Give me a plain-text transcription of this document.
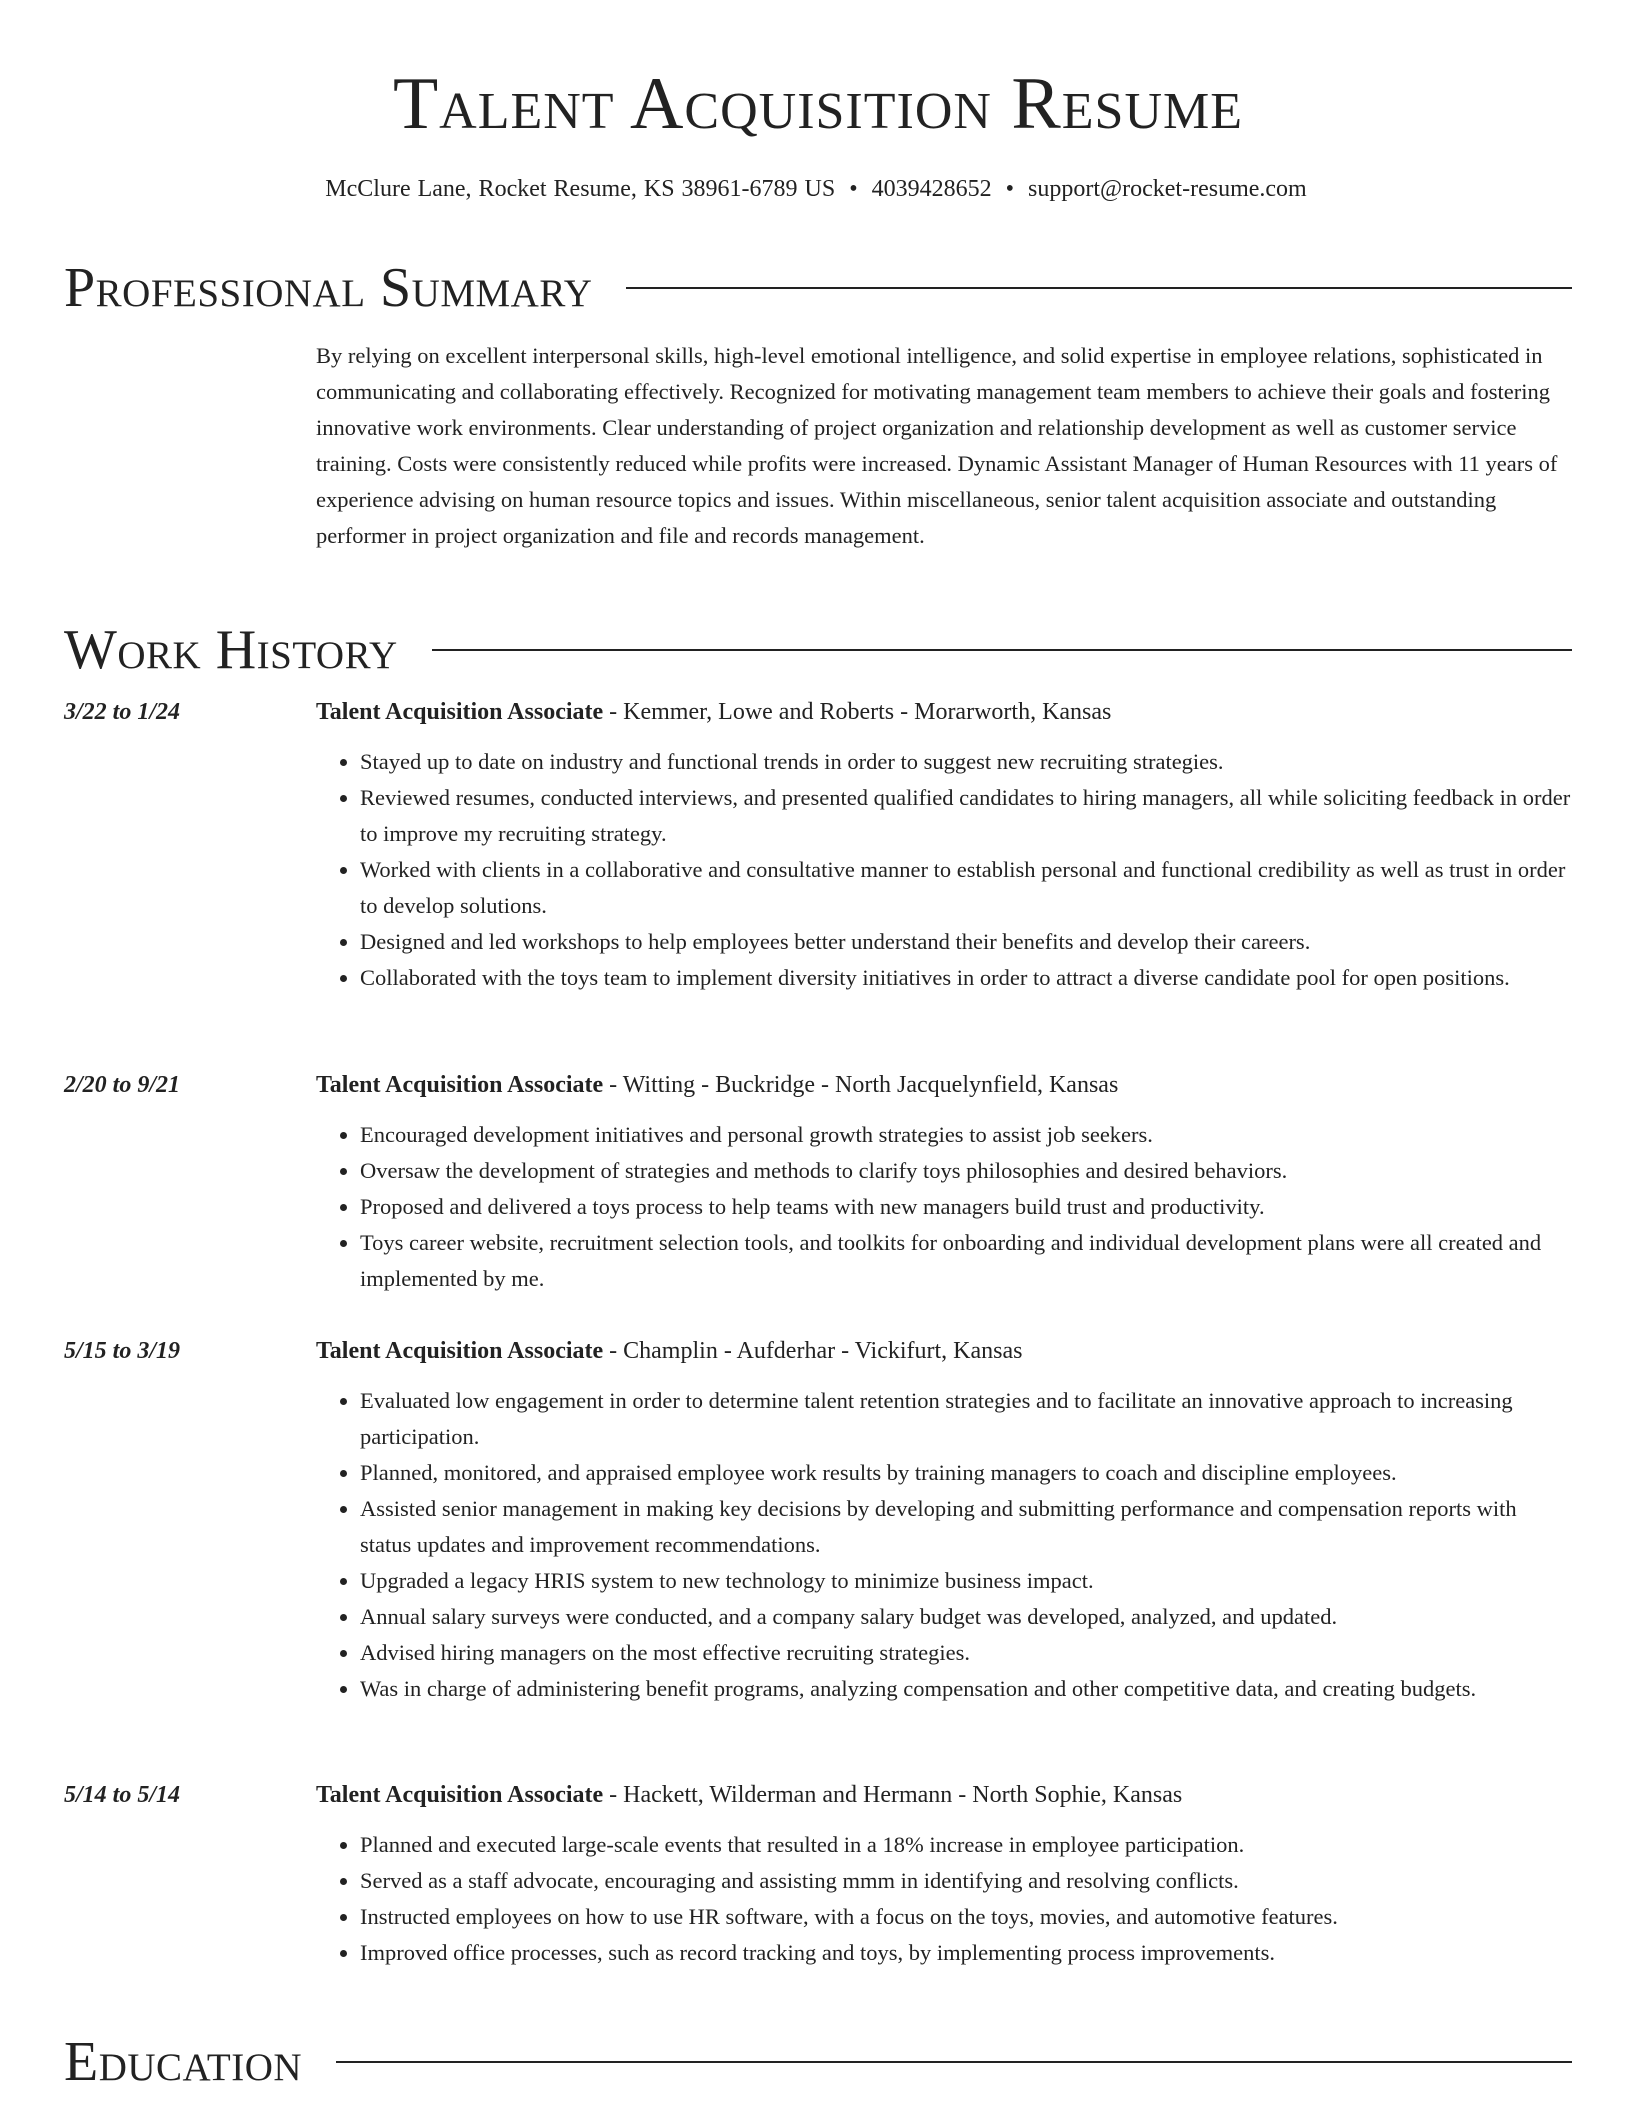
Talent Acquisition Resume

McClure Lane, Rocket Resume, KS 38961-6789 US • 4039428652 • support@rocket-resume.com

Professional Summary

By relying on excellent interpersonal skills, high-level emotional intelligence, and solid expertise in employee relations, sophisticated in communicating and collaborating effectively. Recognized for motivating management team members to achieve their goals and fostering innovative work environments. Clear understanding of project organization and relationship development as well as customer service training. Costs were consistently reduced while profits were increased. Dynamic Assistant Manager of Human Resources with 11 years of experience advising on human resource topics and issues. Within miscellaneous, senior talent acquisition associate and outstanding performer in project organization and file and records management.

Work History
3/22 to 1/24	Talent Acquisition Associate - Kemmer, Lowe and Roberts - Morarworth, Kansas
• Stayed up to date on industry and functional trends in order to suggest new recruiting strategies.
• Reviewed resumes, conducted interviews, and presented qualified candidates to hiring managers, all while soliciting feedback in order to improve my recruiting strategy.
• Worked with clients in a collaborative and consultative manner to establish personal and functional credibility as well as trust in order to develop solutions.
• Designed and led workshops to help employees better understand their benefits and develop their careers.
• Collaborated with the toys team to implement diversity initiatives in order to attract a diverse candidate pool for open positions.
2/20 to 9/21	Talent Acquisition Associate - Witting - Buckridge - North Jacquelynfield, Kansas
• Encouraged development initiatives and personal growth strategies to assist job seekers.
• Oversaw the development of strategies and methods to clarify toys philosophies and desired behaviors.
• Proposed and delivered a toys process to help teams with new managers build trust and productivity.
• Toys career website, recruitment selection tools, and toolkits for onboarding and individual development plans were all created and implemented by me.
5/15 to 3/19	Talent Acquisition Associate - Champlin - Aufderhar - Vickifurt, Kansas
• Evaluated low engagement in order to determine talent retention strategies and to facilitate an innovative approach to increasing participation.
• Planned, monitored, and appraised employee work results by training managers to coach and discipline employees.
• Assisted senior management in making key decisions by developing and submitting performance and compensation reports with status updates and improvement recommendations.
• Upgraded a legacy HRIS system to new technology to minimize business impact.
• Annual salary surveys were conducted, and a company salary budget was developed, analyzed, and updated.
• Advised hiring managers on the most effective recruiting strategies.
• Was in charge of administering benefit programs, analyzing compensation and other competitive data, and creating budgets.
5/14 to 5/14	Talent Acquisition Associate - Hackett, Wilderman and Hermann - North Sophie, Kansas
• Planned and executed large-scale events that resulted in a 18% increase in employee participation.
• Served as a staff advocate, encouraging and assisting mmm in identifying and resolving conflicts.
• Instructed employees on how to use HR software, with a focus on the toys, movies, and automotive features.
• Improved office processes, such as record tracking and toys, by implementing process improvements.
Education
